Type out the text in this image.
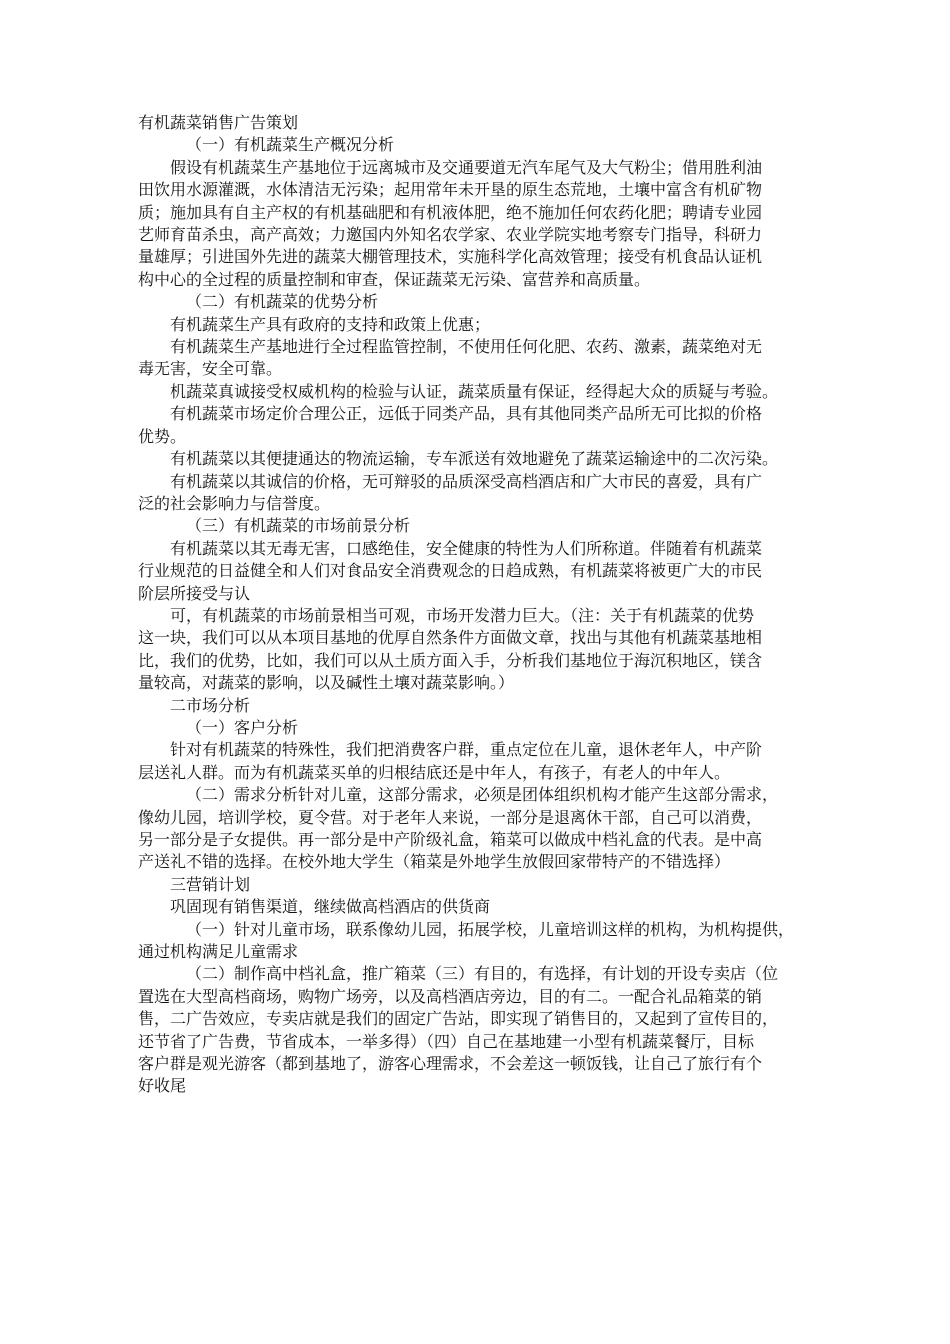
有机蔬菜销售广告策划

（一）有机蔬菜生产概况分析

假设有机蔬菜生产基地位于远离城市及交通要道无汽车尾气及大气粉尘；借用胜利油

田饮用水源灌溉，水体清洁无污染；起用常年未开垦的原生态荒地，土壤中富含有机矿物

质；施加具有自主产权的有机基础肥和有机液体肥，绝不施加任何农药化肥；聘请专业园

艺师育苗杀虫，高产高效；力邀国内外知名农学家、农业学院实地考察专门指导，科研力

量雄厚；引进国外先进的蔬菜大棚管理技术，实施科学化高效管理；接受有机食品认证机

构中心的全过程的质量控制和审查，保证蔬菜无污染、富营养和高质量。

（二）有机蔬菜的优势分析

有机蔬菜生产具有政府的支持和政策上优惠；

有机蔬菜生产基地进行全过程监管控制，不使用任何化肥、农药、激素，蔬菜绝对无

毒无害，安全可靠。

机蔬菜真诚接受权威机构的检验与认证，蔬菜质量有保证，经得起大众的质疑与考验。

有机蔬菜市场定价合理公正，远低于同类产品，具有其他同类产品所无可比拟的价格

优势。

有机蔬菜以其便捷通达的物流运输，专车派送有效地避免了蔬菜运输途中的二次污染。

有机蔬菜以其诚信的价格，无可辩驳的品质深受高档酒店和广大市民的喜爱，具有广

泛的社会影响力与信誉度。

（三）有机蔬菜的市场前景分析

有机蔬菜以其无毒无害，口感绝佳，安全健康的特性为人们所称道。伴随着有机蔬菜

行业规范的日益健全和人们对食品安全消费观念的日趋成熟，有机蔬菜将被更广大的市民

阶层所接受与认

可，有机蔬菜的市场前景相当可观，市场开发潜力巨大。（注：关于有机蔬菜的优势

这一块，我们可以从本项目基地的优厚自然条件方面做文章，找出与其他有机蔬菜基地相

比，我们的优势，比如，我们可以从土质方面入手，分析我们基地位于海沉积地区，镁含

量较高，对蔬菜的影响，以及碱性土壤对蔬菜影响。）

二市场分析

（一）客户分析

针对有机蔬菜的特殊性，我们把消费客户群，重点定位在儿童，退休老年人，中产阶

层送礼人群。而为有机蔬菜买单的归根结底还是中年人，有孩子，有老人的中年人。

（二）需求分析针对儿童，这部分需求，必须是团体组织机构才能产生这部分需求，

像幼儿园，培训学校，夏令营。对于老年人来说，一部分是退离休干部，自己可以消费，

另一部分是子女提供。再一部分是中产阶级礼盒，箱菜可以做成中档礼盒的代表。是中高

产送礼不错的选择。在校外地大学生（箱菜是外地学生放假回家带特产的不错选择）

三营销计划

巩固现有销售渠道，继续做高档酒店的供货商

（一）针对儿童市场，联系像幼儿园，拓展学校，儿童培训这样的机构，为机构提供，

通过机构满足儿童需求

（二）制作高中档礼盒，推广箱菜（三）有目的，有选择，有计划的开设专卖店（位

置选在大型高档商场，购物广场旁，以及高档酒店旁边，目的有二。一配合礼品箱菜的销

售，二广告效应，专卖店就是我们的固定广告站，即实现了销售目的，又起到了宣传目的，

还节省了广告费，节省成本，一举多得）（四）自己在基地建一小型有机蔬菜餐厅，目标

客户群是观光游客（都到基地了，游客心理需求，不会差这一顿饭钱，让自己了旅行有个

好收尾
